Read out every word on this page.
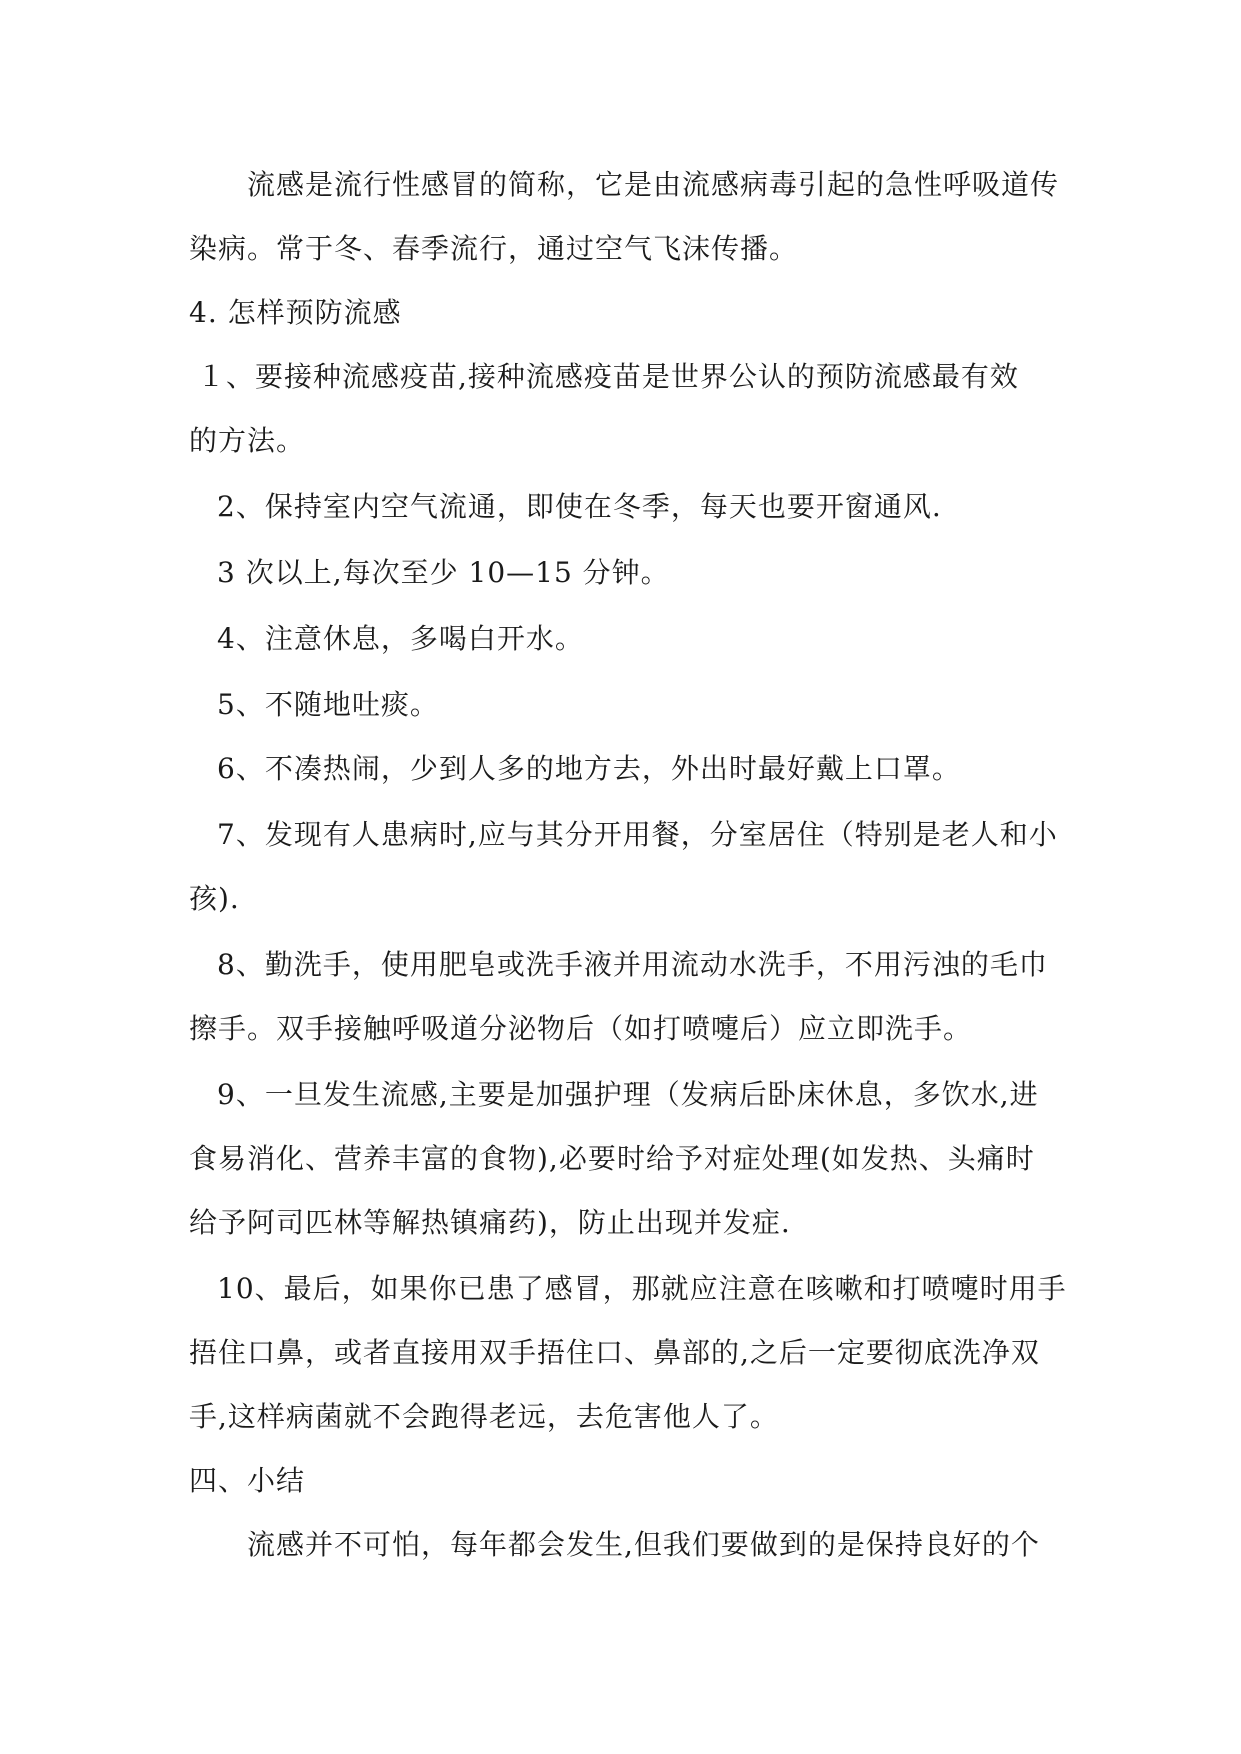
流感是流行性感冒的简称，它是由流感病毒引起的急性呼吸道传
染病。常于冬、春季流行，通过空气飞沫传播。
4. 怎样预防流感
１、要接种流感疫苗,接种流感疫苗是世界公认的预防流感最有效
的方法。
2、保持室内空气流通，即使在冬季，每天也要开窗通风.
3 次以上,每次至少 10—15 分钟。
4、注意休息，多喝白开水。
5、不随地吐痰。
6、不凑热闹，少到人多的地方去，外出时最好戴上口罩。
7、发现有人患病时,应与其分开用餐，分室居住（特别是老人和小
孩).
8、勤洗手，使用肥皂或洗手液并用流动水洗手，不用污浊的毛巾
擦手。双手接触呼吸道分泌物后（如打喷嚏后）应立即洗手。
9、一旦发生流感,主要是加强护理（发病后卧床休息，多饮水,进
食易消化、营养丰富的食物),必要时给予对症处理(如发热、头痛时
给予阿司匹林等解热镇痛药)，防止出现并发症.
10、最后，如果你已患了感冒，那就应注意在咳嗽和打喷嚏时用手
捂住口鼻，或者直接用双手捂住口、鼻部的,之后一定要彻底洗净双
手,这样病菌就不会跑得老远，去危害他人了。
四、小结
流感并不可怕，每年都会发生,但我们要做到的是保持良好的个
